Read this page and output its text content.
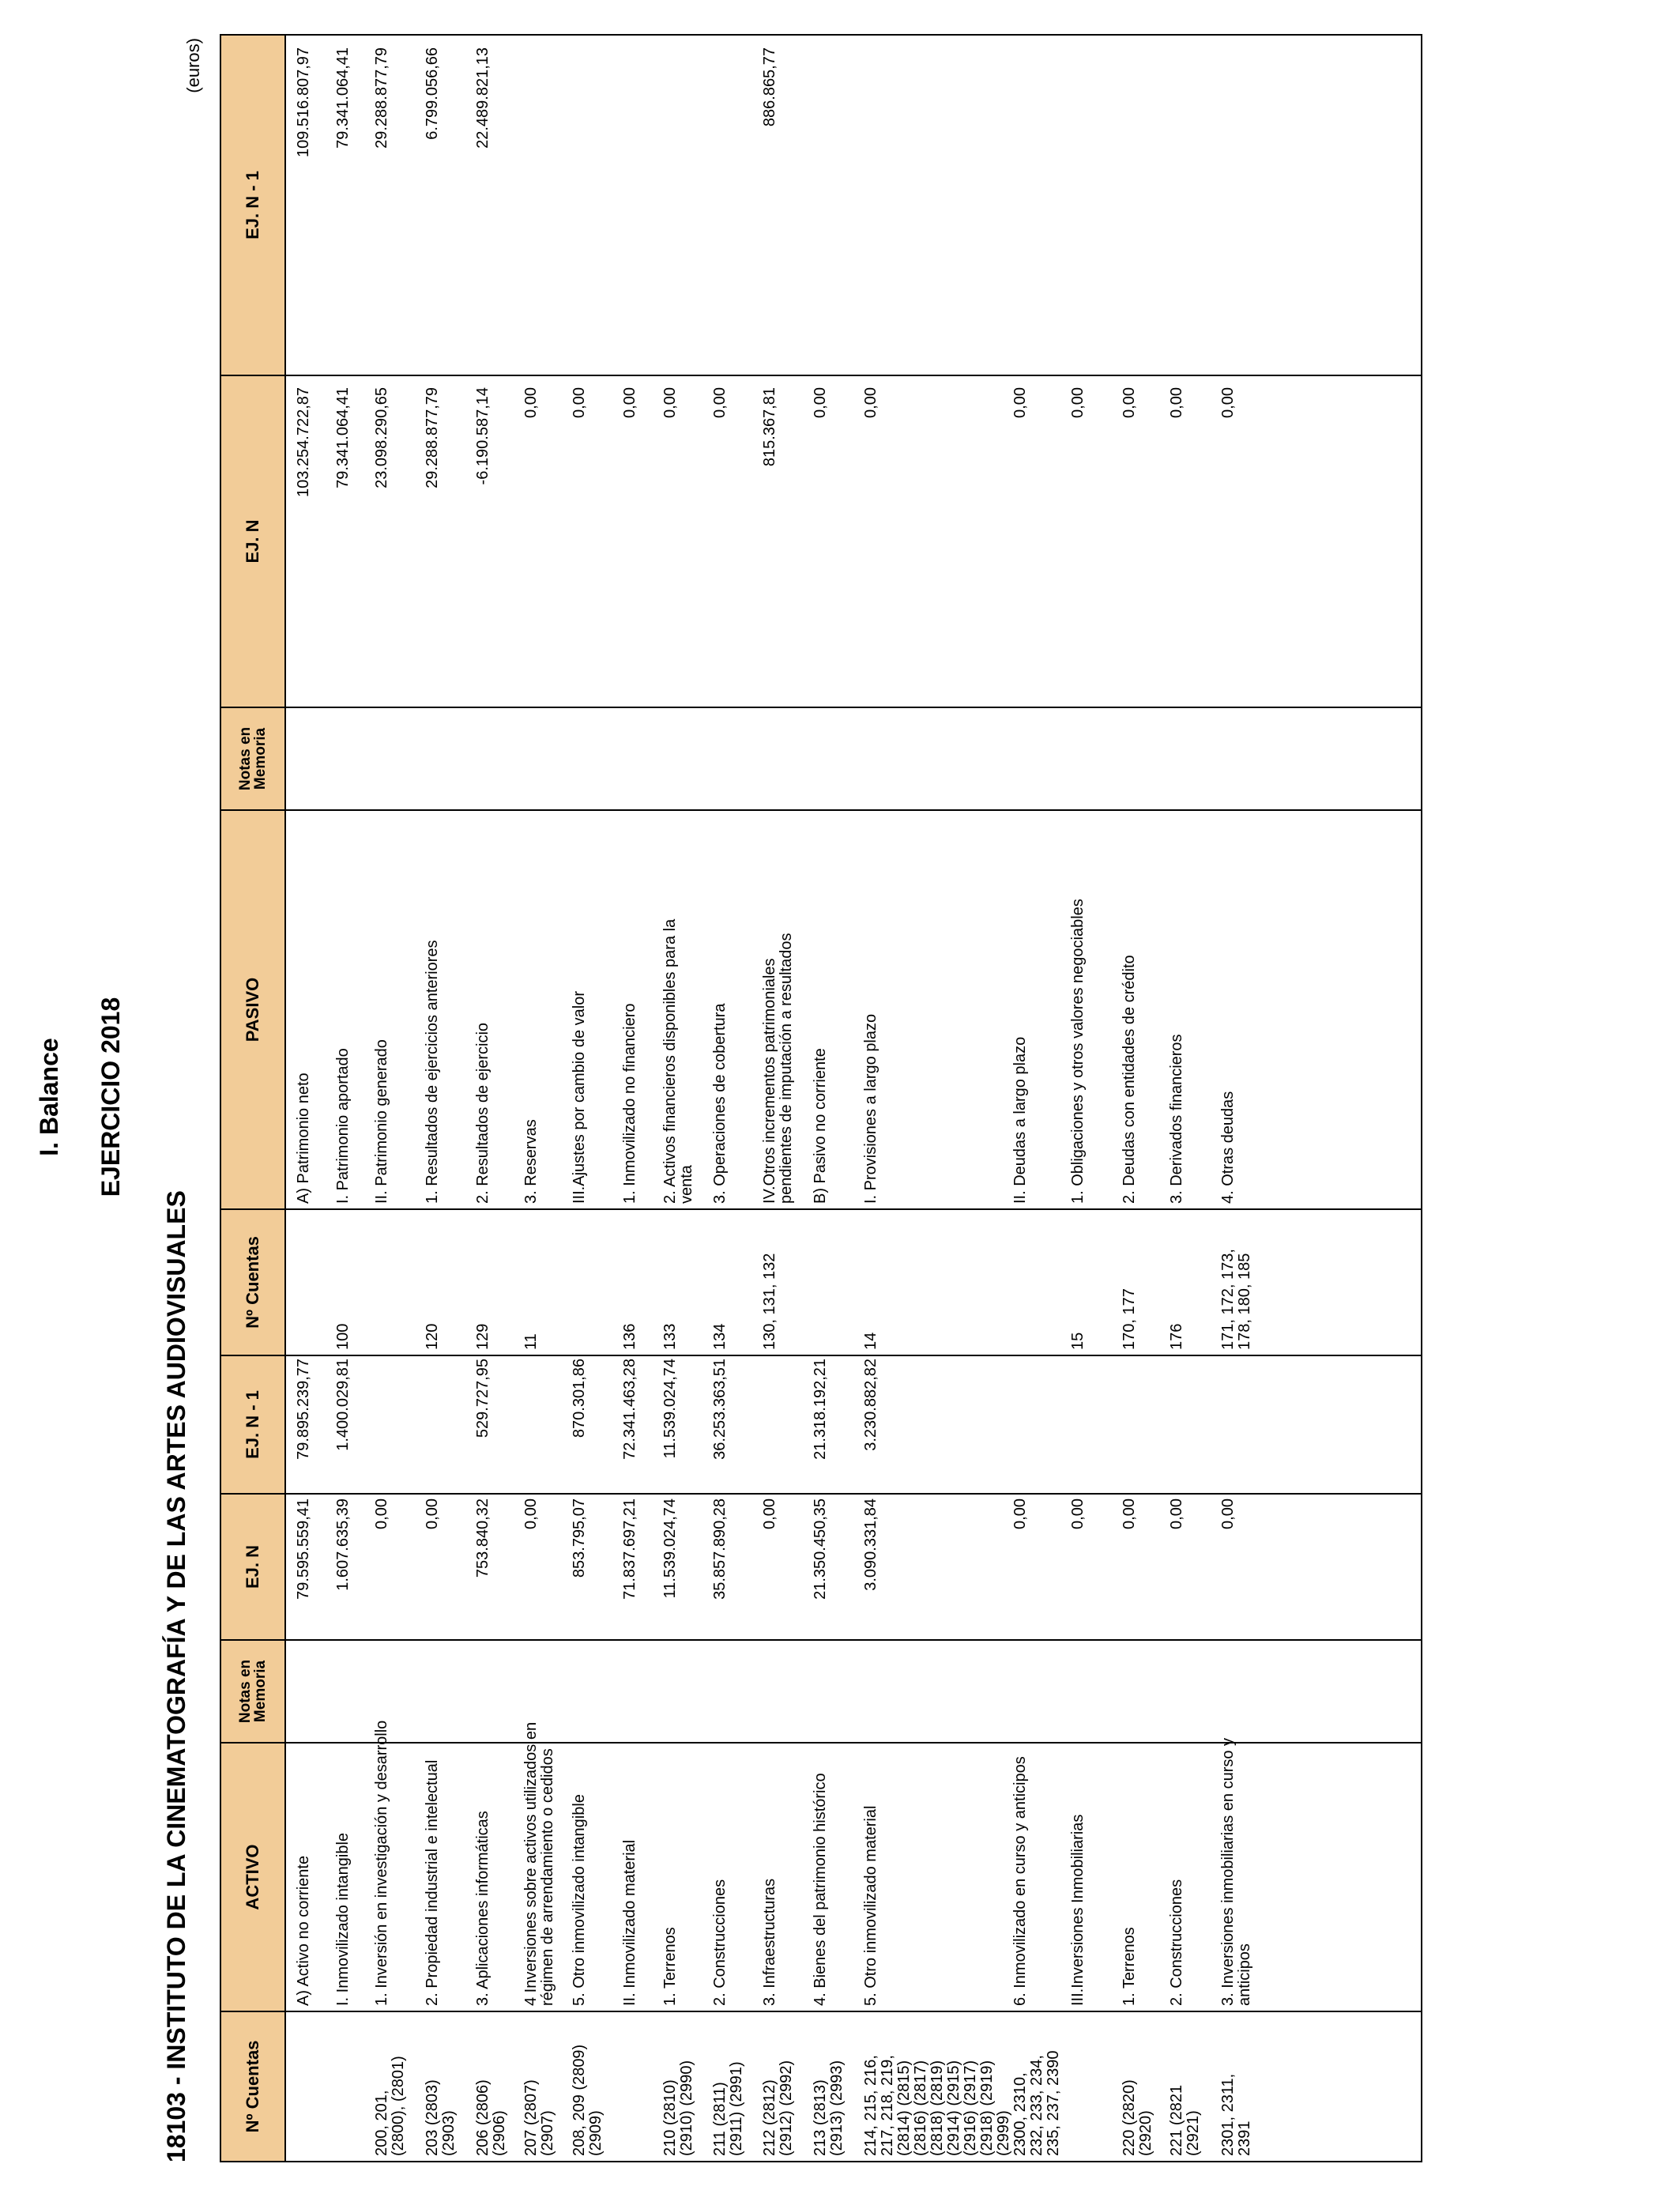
I. Balance EJERCICIO 2018
18103 - INSTITUTO DE LA CINEMATOGRAFÍA Y DE LAS ARTES AUDIOVISUALES
(euros)
Nº Cuentas
ACTIVO
Notas en
Memoria
EJ. N
EJ. N - 1
Nº Cuentas
PASIVO
Notas en
Memoria
EJ. N
EJ. N - 1
A) Activo no corriente
79.595.559,41
79.895.239,77
I. Inmovilizado intangible
1.607.635,39
1.400.029,81
200, 201, (2800), (2801)
1. Inversión en investigación y desarrollo
0,00
203 (2803) (2903)
2. Propiedad industrial e intelectual
0,00
206 (2806) (2906)
3. Aplicaciones informáticas
753.840,32
529.727,95
207 (2807) (2907)
4 Inversiones sobre activos utilizados en régimen de arrendamiento o cedidos
0,00
208, 209 (2809) (2909)
5. Otro inmovilizado intangible
853.795,07
870.301,86
II. Inmovilizado material
71.837.697,21
72.341.463,28
210 (2810) (2910) (2990)
1. Terrenos
11.539.024,74
11.539.024,74
211 (2811) (2911) (2991)
2. Construcciones
35.857.890,28
36.253.363,51
212 (2812) (2912) (2992)
3. Infraestructuras
0,00
213 (2813) (2913) (2993)
4. Bienes del patrimonio histórico
21.350.450,35
21.318.192,21
214, 215, 216, 217, 218, 219, (2814) (2815) (2816) (2817) (2818) (2819) (2914) (2915) (2916) (2917) (2918) (2919) (2999)
5. Otro inmovilizado material
3.090.331,84
3.230.882,82
2300, 2310, 232, 233, 234, 235, 237, 2390
6. Inmovilizado en curso y anticipos
0,00
III.Inversiones Inmobiliarias
0,00
220 (2820) (2920)
1. Terrenos
0,00
221 (2821 (2921)
2. Construcciones
0,00
2301, 2311, 2391
3. Inversiones inmobiliarias en curso y anticipos
0,00
A) Patrimonio neto
103.254.722,87
109.516.807,97
100
I. Patrimonio aportado
79.341.064,41
79.341.064,41
II. Patrimonio generado
23.098.290,65
29.288.877,79
120
1. Resultados de ejercicios anteriores
29.288.877,79
6.799.056,66
129
2. Resultados de ejercicio
-6.190.587,14
22.489.821,13
11
3. Reservas
0,00
III.Ajustes por cambio de valor
0,00
136
1. Inmovilizado no financiero
0,00
133
2. Activos financieros disponibles para la venta
0,00
134
3. Operaciones de cobertura
0,00
130, 131, 132
IV.Otros incrementos patrimoniales pendientes de imputación a resultados
815.367,81
886.865,77
B) Pasivo no corriente
0,00
14
I. Provisiones a largo plazo
0,00
II. Deudas a largo plazo
0,00
15
1. Obligaciones y otros valores negociables
0,00
170, 177
2. Deudas con entidades de crédito
0,00
176
3. Derivados financieros
0,00
171, 172, 173, 178, 180, 185
4. Otras deudas
0,00
